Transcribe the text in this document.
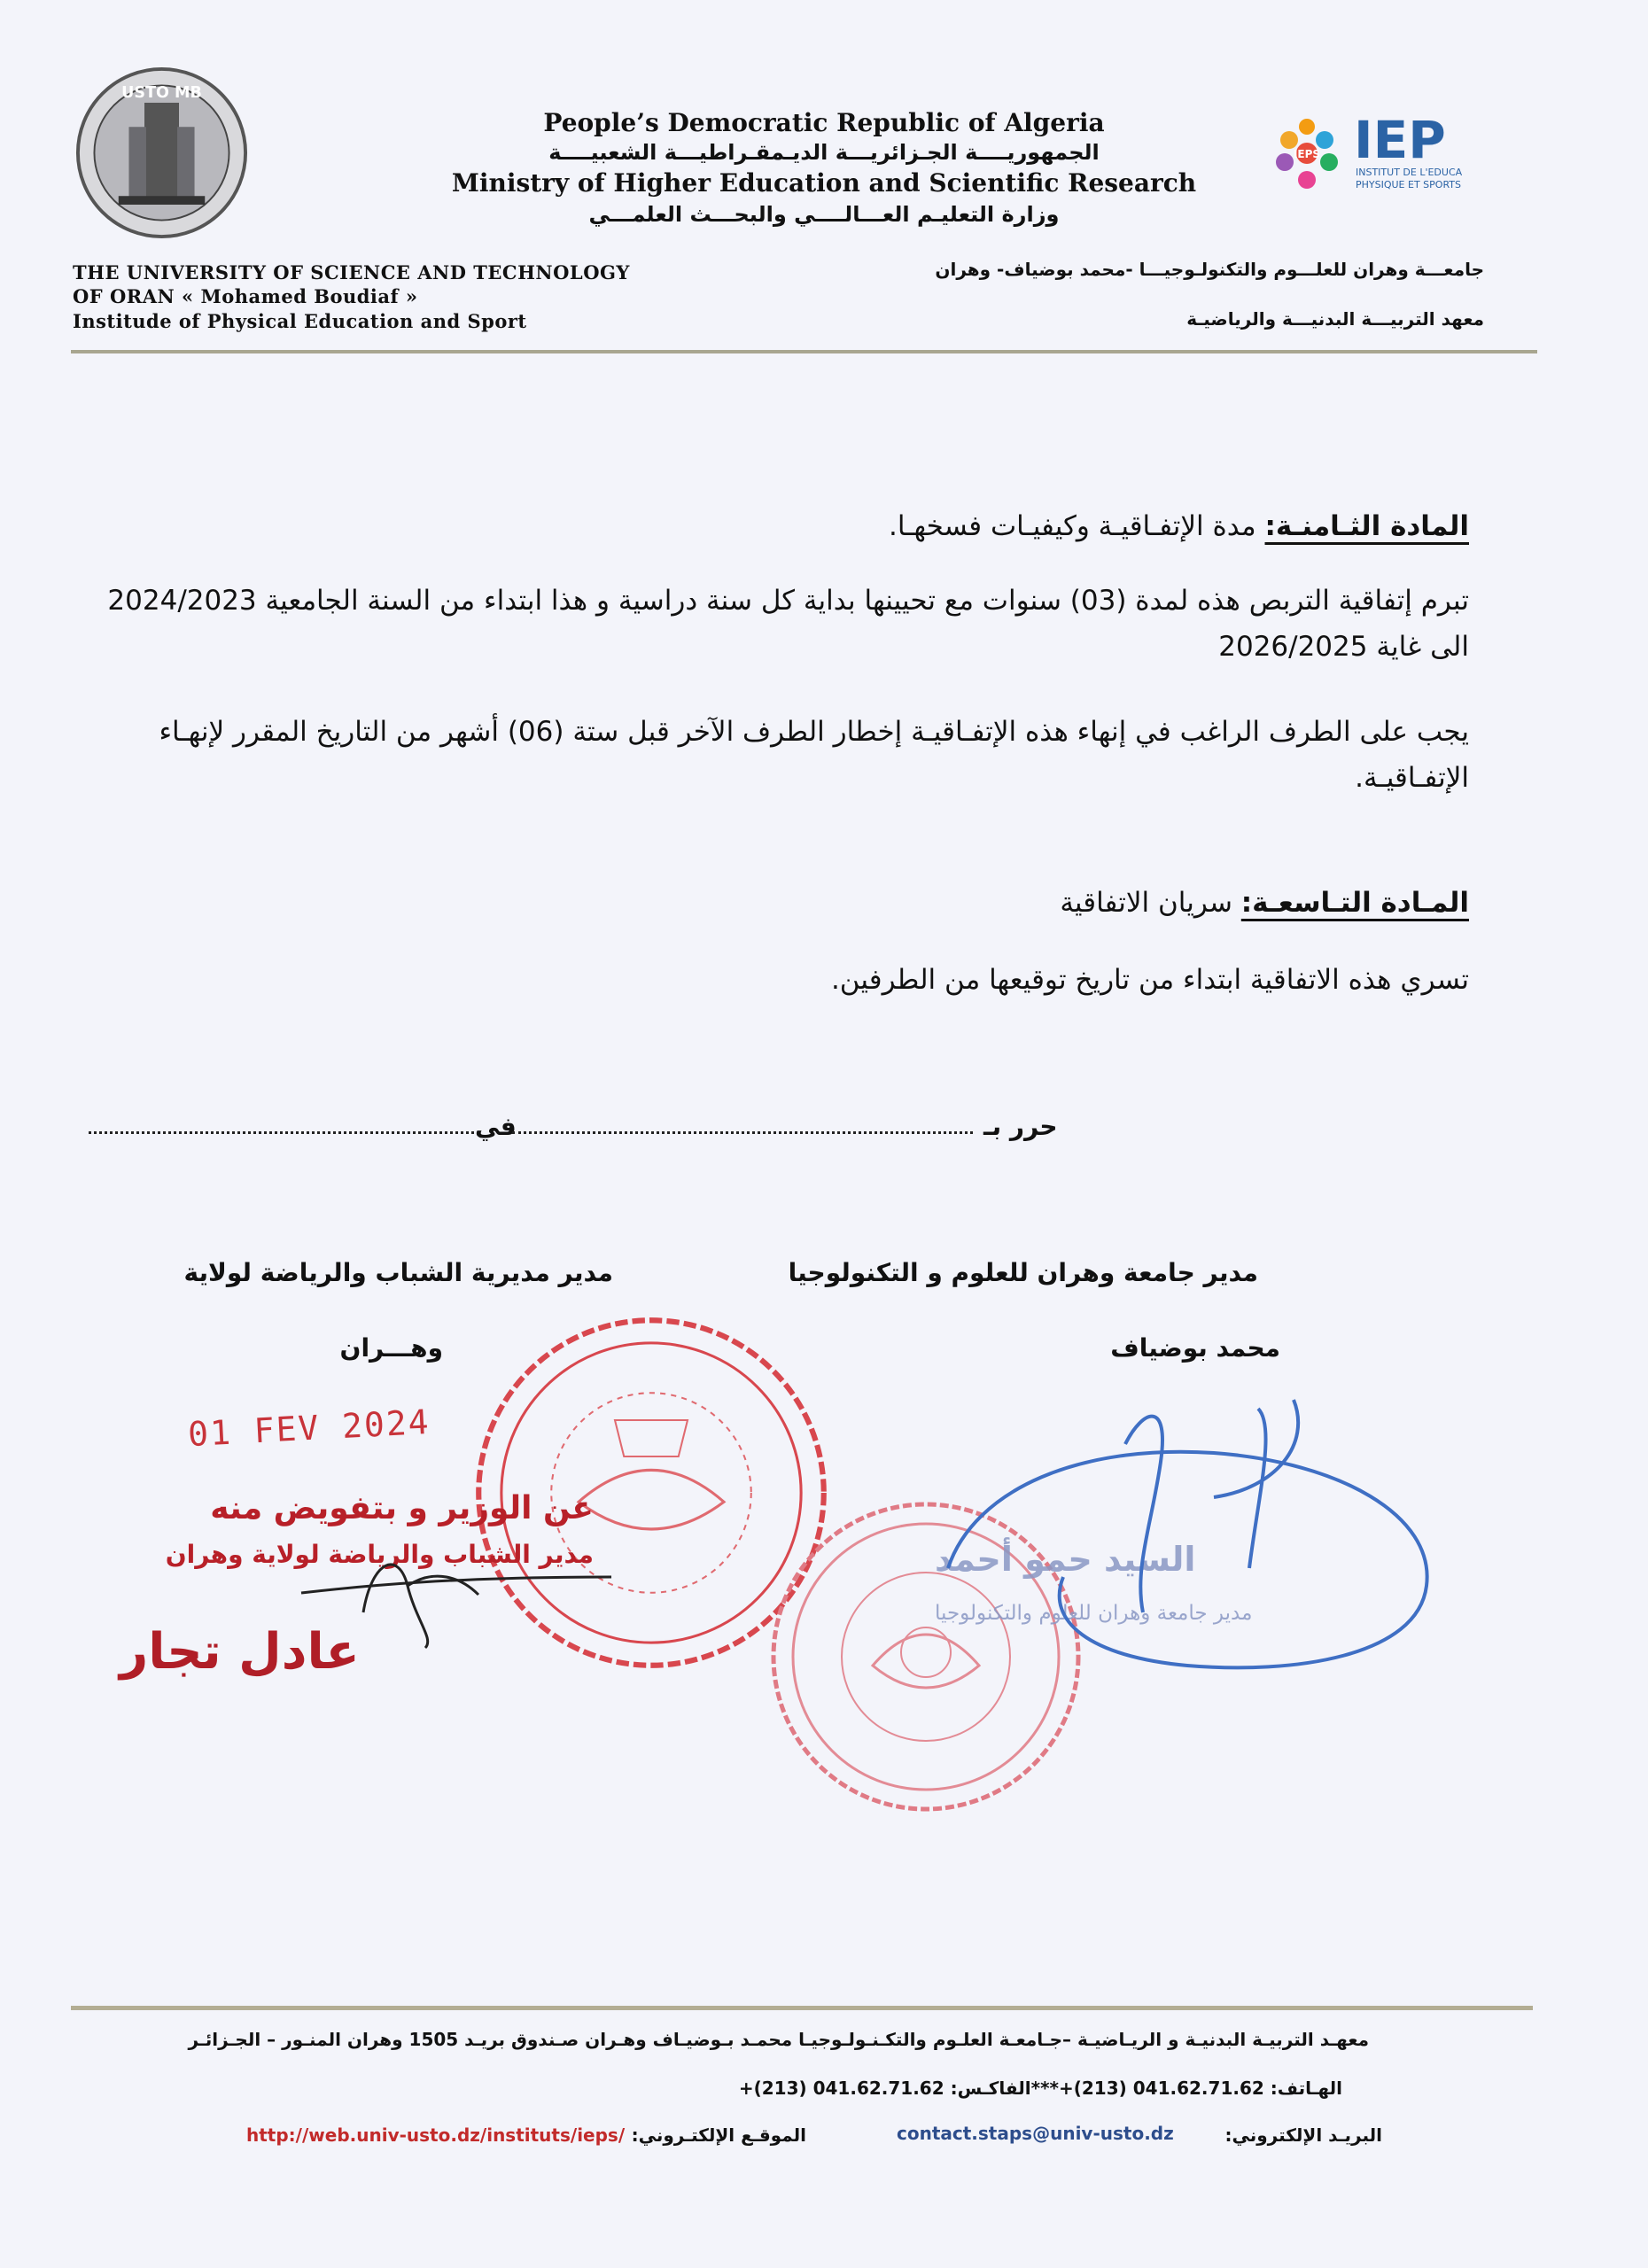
USTO MB
IEPS IEP
INSTITUT DE L'EDUCA
PHYSIQUE ET SPORTS
People’s Democratic Republic of Algeria
الجمهوريــــة الجـزائريـــة الديـمقـراطيـــة الشعبيــــة
Ministry of Higher Education and Scientific Research
وزارة التعليـم العـــالــــي والبحـــث العلمـــي
THE UNIVERSITY OF SCIENCE AND TECHNOLOGY
OF ORAN « Mohamed Boudiaf »
Institude of Physical Education and Sport
جامعـــة وهران للعلـــوم والتكنولـوجيـــا -محمد بوضياف- وهران
معهد التربيـــة البدنيـــة والرياضيـة
المادة الثـامنـة: مدة الإتفـاقيـة وكيفيـات فسخهـا.
تبرم إتفاقية التربص هذه لمدة (03) سنوات مع تحيينها بداية كل سنة دراسية و هذا ابتداء من السنة الجامعية 2024/2023 الى غاية 2026/2025
يجب على الطرف الراغب في إنهاء هذه الإتفـاقيـة إخطار الطرف الآخر قبل ستة (06) أشهر من التاريخ المقرر لإنهـاء الإتفـاقيـة.
المـادة التـاسعـة: سريان الاتفاقية
تسري هذه الاتفاقية ابتداء من تاريخ توقيعها من الطرفين.
في	حرر بـ
مدير جامعة وهران للعلوم و التكنولوجيا
محمد بوضياف
مدير مديرية الشباب والرياضة لولاية
وهـــران
01 FEV 2024
عن الوزير و بتفويض منه
مدير الشباب والرياضة لولاية وهران
عادل تجار
السيد حمو أحمد
مدير جامعة وهران للعلوم والتكنولوجيا
معهـد التربيـة البدنيـة و الريـاضيـة –جـامعـة العلـوم والتكـنـولـوجيـا محمـد بـوضيـاف وهـران صـندوق بريـد 1505 وهران المنـور – الجـزائـر
الهـاتف: 041.62.71.62 (213)+***الفاكـس: 041.62.71.62 (213)+
البريـد الإلكتروني:
contact.staps@univ-usto.dz
الموقـع الإلكتـروني:
http://web.univ-usto.dz/instituts/ieps/
